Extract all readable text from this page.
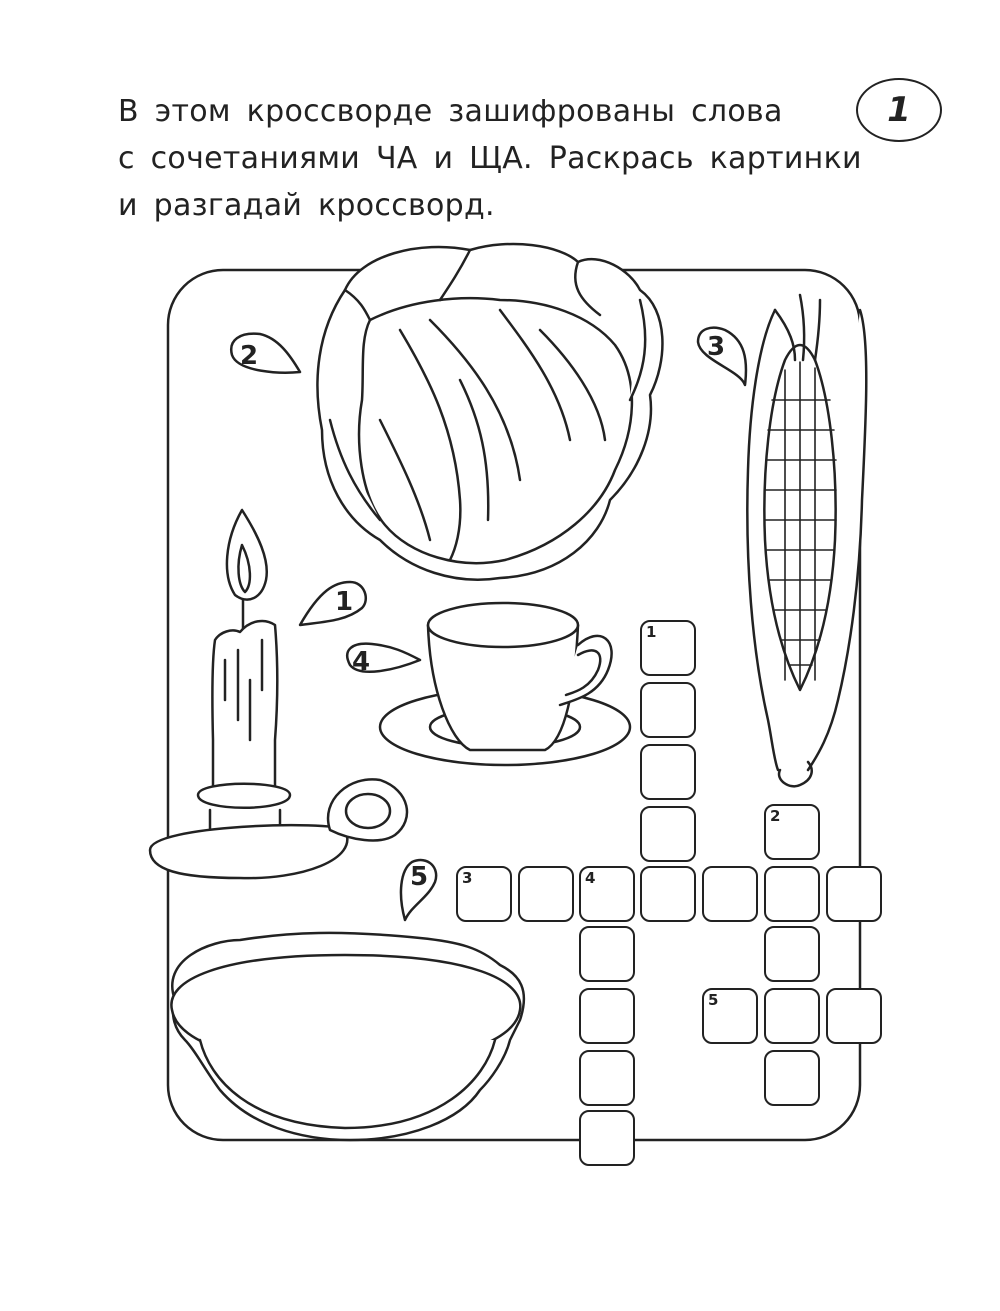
В этом кроссворде зашифрованы слова
с сочетаниями ЧА и ЩА. Раскрась картинки
и разгадай кроссворд.
1
1
2	3
4
5
1
3	4
2
5
